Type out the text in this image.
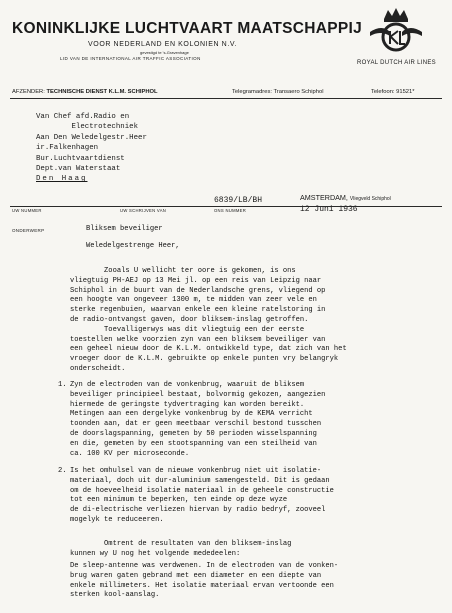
KONINKLIJKE LUCHTVAART MAATSCHAPPIJ
VOOR NEDERLAND EN KOLONIEN N.V.
gevestigd te 's-Gravenhage
LID VAN DE INTERNATIONAL AIR TRAFFIC ASSOCIATION
ROYAL DUTCH AIR LINES
AFZENDER: TECHNISCHE DIENST K.L.M. SCHIPHOL	Telegramadres: Transaero Schiphol	Telefoon: 91521*
Van Chef afd.Radio en
Electrotechniek
Aan Den Weledelgestr.Heer
ir.Falkenhagen
Bur.Luchtvaartdienst
Dept.van Waterstaat
Den Haag
6839/LB/BH	AMSTERDAM, Vliegveld Schiphol
12 Juni 1936
UW NUMMER	UW SCHRIJVEN VAN	ONS NUMMER
ONDERWERP	Bliksem beveiliger
Weledelgestrenge Heer,
Zooals U wellicht ter oore is gekomen, is ons
vliegtuig PH-AEJ op 13 Mei jl. op een reis van Leipzig naar
Schiphol in de buurt van de Nederlandsche grens, vliegend op
een hoogte van ongeveer 1300 m, te midden van zeer vele en
sterke regenbuien, waarvan enkele een kleine ratelstoring in
de radio-ontvangst gaven, door bliksem-inslag getroffen.
Toevalligerwys was dit vliegtuig een der eerste
toestellen welke voorzien zyn van een bliksem beveiliger van
een geheel nieuw door de K.L.M. ontwikkeld type, dat zich van het
vroeger door de K.L.M. gebruikte op enkele punten vry belangryk
onderscheidt.
1. Zyn de electroden van de vonkenbrug, waaruit de bliksem
beveiliger principieel bestaat, bolvormig gekozen, aangezien
hiermede de geringste tydvertraging kan worden bereikt.
Metingen aan een dergelyke vonkenbrug by de KEMA verricht
toonden aan, dat er geen meetbaar verschil bestond tusschen
de doorslagspanning, gemeten by 50 perioden wisselspanning
en die, gemeten by een stootspanning van een steilheid van
ca. 100 KV per microseconde.
2. Is het omhulsel van de nieuwe vonkenbrug niet uit isolatie-
materiaal, doch uit dur-aluminium samengesteld. Dit is gedaan
om de hoeveelheid isolatie materiaal in de geheele constructie
tot een minimum te beperken, ten einde op deze wyze
de di-electrische verliezen hiervan by radio bedryf, zooveel
mogelyk te reduceeren.
Omtrent de resultaten van den bliksem-inslag
kunnen wy U nog het volgende mededeelen:
De sleep-antenne was verdwenen. In de electroden van de vonken-
brug waren gaten gebrand met een diameter en een diepte van
enkele millimeters. Het isolatie materiaal ervan vertoonde een
sterken kool-aanslag.
